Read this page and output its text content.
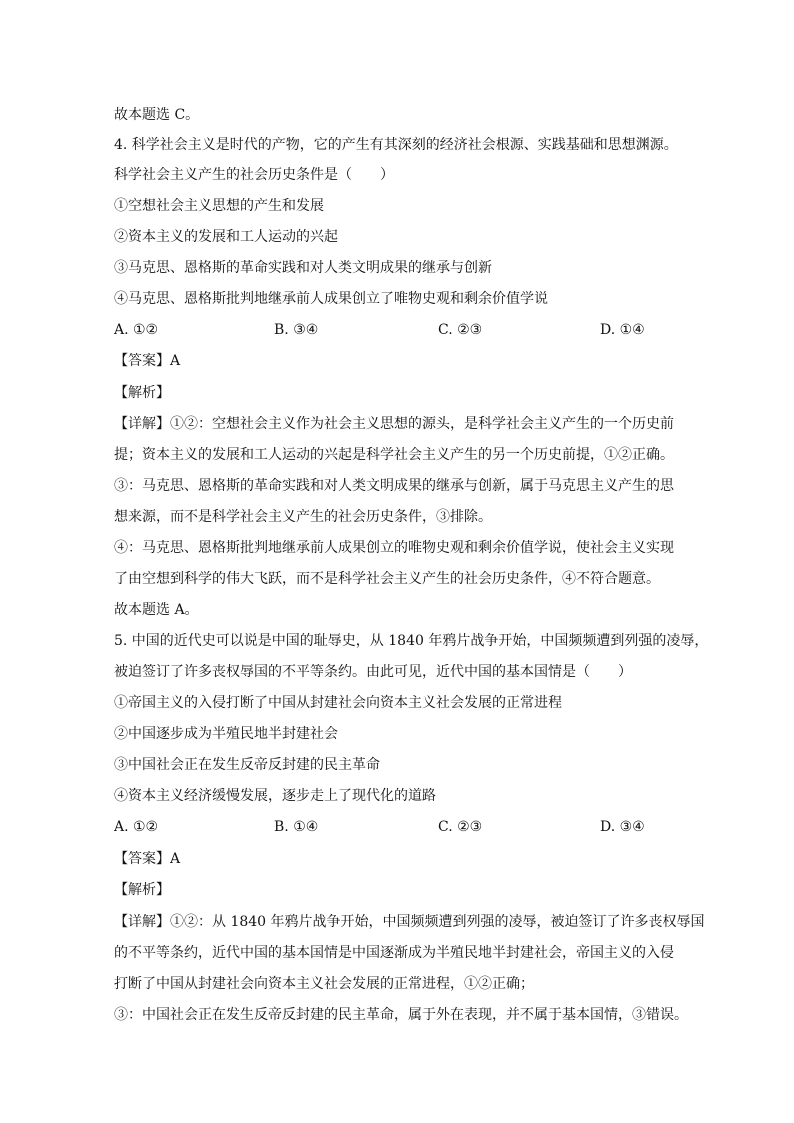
故本题选 C。
4. 科学社会主义是时代的产物，它的产生有其深刻的经济社会根源、实践基础和思想渊源。
科学社会主义产生的社会历史条件是（　　）
①空想社会主义思想的产生和发展
②资本主义的发展和工人运动的兴起
③马克思、恩格斯的革命实践和对人类文明成果的继承与创新
④马克思、恩格斯批判地继承前人成果创立了唯物史观和剩余价值学说
A. ①②	B. ③④	C. ②③	D. ①④
【答案】A
【解析】
【详解】①②：空想社会主义作为社会主义思想的源头，是科学社会主义产生的一个历史前
提；资本主义的发展和工人运动的兴起是科学社会主义产生的另一个历史前提，①②正确。
③：马克思、恩格斯的革命实践和对人类文明成果的继承与创新，属于马克思主义产生的思
想来源，而不是科学社会主义产生的社会历史条件，③排除。
④：马克思、恩格斯批判地继承前人成果创立的唯物史观和剩余价值学说，使社会主义实现
了由空想到科学的伟大飞跃，而不是科学社会主义产生的社会历史条件，④不符合题意。
故本题选 A。
5. 中国的近代史可以说是中国的耻辱史，从 1840 年鸦片战争开始，中国频频遭到列强的凌辱，
被迫签订了许多丧权辱国的不平等条约。由此可见，近代中国的基本国情是（　　）
①帝国主义的入侵打断了中国从封建社会向资本主义社会发展的正常进程
②中国逐步成为半殖民地半封建社会
③中国社会正在发生反帝反封建的民主革命
④资本主义经济缓慢发展，逐步走上了现代化的道路
A. ①②	B. ①④	C. ②③	D. ③④
【答案】A
【解析】
【详解】①②：从 1840 年鸦片战争开始，中国频频遭到列强的凌辱，被迫签订了许多丧权辱国
的不平等条约，近代中国的基本国情是中国逐渐成为半殖民地半封建社会，帝国主义的入侵
打断了中国从封建社会向资本主义社会发展的正常进程，①②正确；
③：中国社会正在发生反帝反封建的民主革命，属于外在表现，并不属于基本国情，③错误。
